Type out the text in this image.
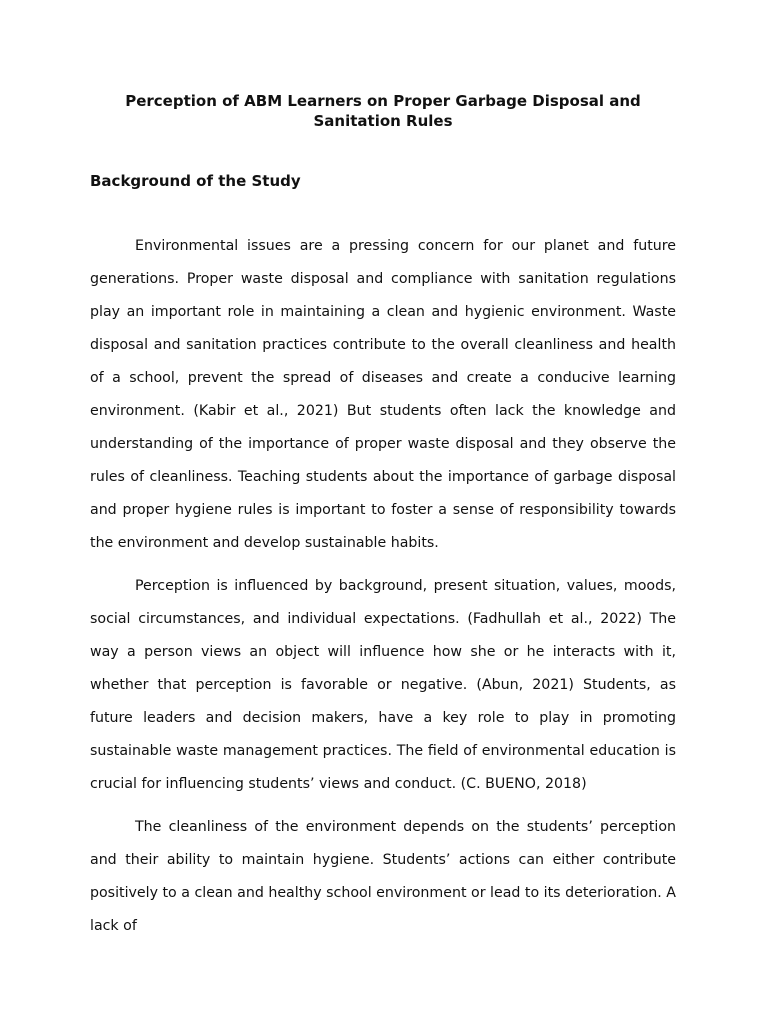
Perception of ABM Learners on Proper Garbage Disposal and Sanitation Rules
Background of the Study

Environmental issues are a pressing concern for our planet and future generations. Proper waste disposal and compliance with sanitation regulations play an important role in maintaining a clean and hygienic environment. Waste disposal and sanitation practices contribute to the overall cleanliness and health of a school, prevent the spread of diseases and create a conducive learning environment. (Kabir et al., 2021) But students often lack the knowledge and understanding of the importance of proper waste disposal and they observe the rules of cleanliness. Teaching students about the importance of garbage disposal and proper hygiene rules is important to foster a sense of responsibility towards the environment and develop sustainable habits.

Perception is influenced by background, present situation, values, moods, social circumstances, and individual expectations. (Fadhullah et al., 2022) The way a person views an object will influence how she or he interacts with it, whether that perception is favorable or negative. (Abun, 2021) Students, as future leaders and decision makers, have a key role to play in promoting sustainable waste management practices. The field of environmental education is crucial for influencing students’ views and conduct. (C. BUENO, 2018)

The cleanliness of the environment depends on the students’ perception and their ability to maintain hygiene. Students’ actions can either contribute positively to a clean and healthy school environment or lead to its deterioration. A lack of
